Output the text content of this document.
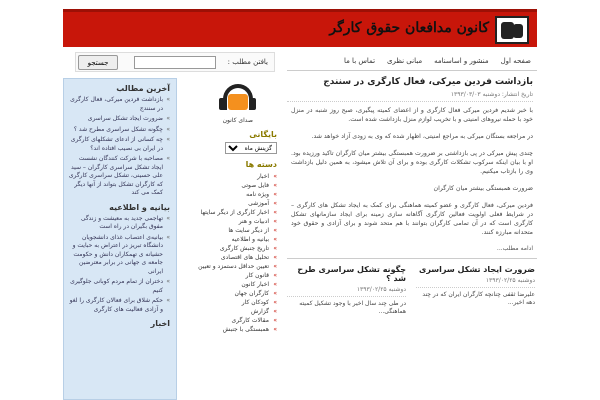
کانون مدافعان حقوق کارگر
صفحه اول
منشور و اساسنامه
مبانی نظری
تماس با ما
یافتن مطلب :
جستجو
بازداشت فردین میرکی، فعال کارگری در سنندج
تاریخ انتشار: دوشنبه ۱۳۹۳/۰۳/۰۳

با خبر شدیم فردین میرکی فعال کارگری و از اعضای کمیته پیگیری، صبح روز شنبه در منزل خود با حمله نیروهای امنیتی و با تخریب لوازم منزل بازداشت شده است.

در مراجعه بستگان میرکی به مراجع امنیتی، اظهار شده که وی به زودی آزاد خواهد شد.

چندی پیش میرکی در پی بازداشتی بر ضرورت همبستگی بیشتر میان کارگران تاکید ورزیده بود. او با بیان اینکه سرکوب تشکلات کارگری بوده و برای آن تلاش میشود، به همین دلیل بازداشت وی را بازتاب میکنیم.

ضرورت همبستگی بیشتر میان کارگران

فردین میرکی، فعال کارگری و عضو کمیته هماهنگی برای کمک به ایجاد تشکل های کارگری – در شرایط فعلی اولویت فعالین کارگری آگاهانه سازی زمینه برای ایجاد سازمانهای تشکل کارگری است که در آن تمامی کارگران بتوانند با هم متحد شوند و برای آزادی و حقوق خود متحدانه مبارزه کنند.

ادامه مطلب...
ضرورت ایجاد تشکل سراسری
دوشنبه ۱۳۹۳/۰۲/۲۵

علیرضا ثقفی چنانچه کارگران ایران که در چند دهه اخیر...

چگونه تشکل سراسری طرح شد ؟
دوشنبه ۱۳۹۳/۰۲/۲۵

در طی چند سال اخیر با وجود تشکیل کمیته هماهنگی...

صدای کانون
بایگانی
گزینش ماه
دسته ها
» اخبار
» فایل صوتی
» ویژه نامه
» آموزشی
» اخبار کارگری از دیگر سایتها
» ادبیات و هنر
» از دیگر سایت ها
» بیانیه و اطلاعیه
» تاریخ جنبش کارگری
» تحلیل های اقتصادی
» تعیین حداقل دستمزد و تعیین
» قانون کار
» اخبار کانون
» کارگران جهان
» کودکان کار
» گزارش
» مقالات کارگری
» همبستگی با جنبش
آخرین مطالب
» بازداشت فردین میرکی، فعال کارگری در سنندج
» ضرورت ایجاد تشکل سراسری
» چگونه تشکل سراسری مطرح شد ؟
» چه کسانی از ادعای تشکلهای کارگری در ایران بی نصیب افتاده اند؟
» مصاحبه با شرکت کنندگان نشست ایجاد تشکل سراسری کارگران – سید علی حسینی، تشکل سراسری کارگری که کارگران تشکل بتواند از آنها دیگر کمک می کند
بیانیه و اطلاعیه
» تهاجمی جدید به معیشت و زندگی مفوق بگیران در راه است
» بیانیه‌ی اعتصاب غذای دانشجویان دانشگاه تبریز در اعتراض به حبایت و حشیانه ی تهمکاران دانش و حکومت جامعه ی جهانی در برابر معترضین ایرانی
» دختران از تمام مردم کوبانی جلوگیری کنیم
» حکم شلاق برای فعالان کارگری را لغو و آزادی فعالیت های کارگری
اخبار
